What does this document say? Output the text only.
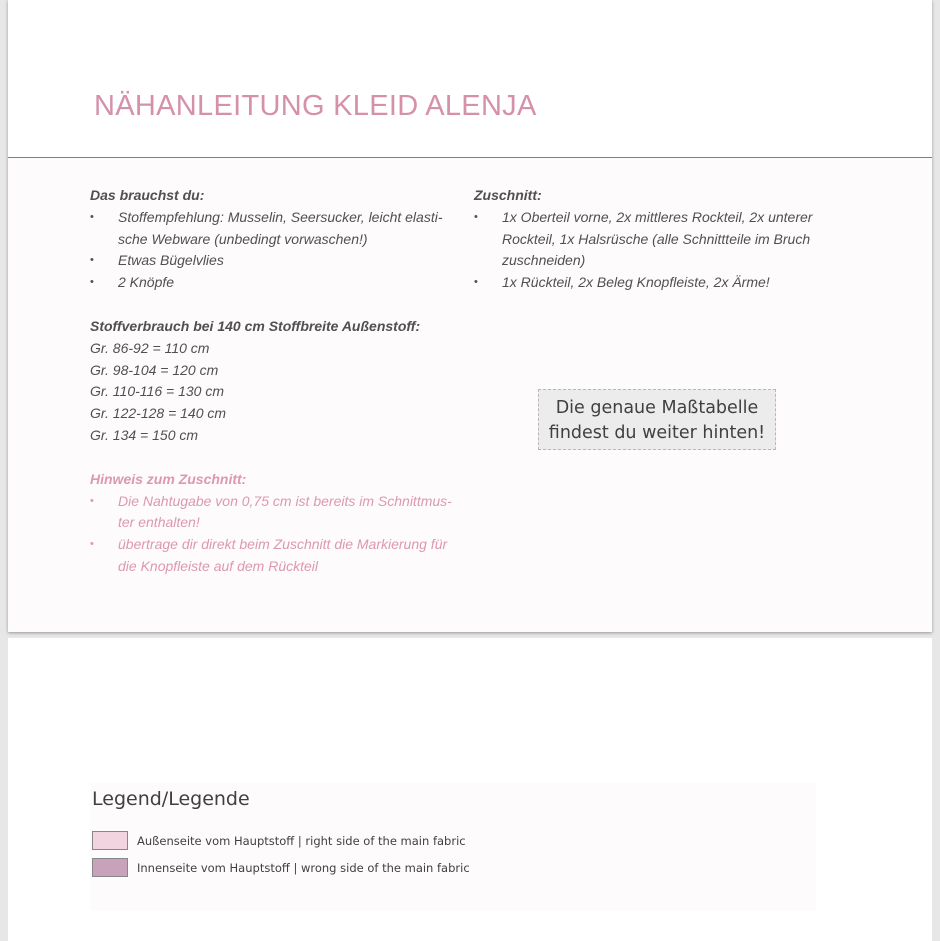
NÄHANLEITUNG KLEID ALENJA

Das brauchst du:

• Stoffempfehlung: Musselin, Seersucker, leicht elasti-sche Webware (unbedingt vorwaschen!)
• Etwas Bügelvlies
• 2 Knöpfe

Stoffverbrauch bei 140 cm Stoffbreite Außenstoff:

Gr. 86-92 = 110 cm

Gr. 98-104 = 120 cm

Gr. 110-116 = 130 cm

Gr. 122-128 = 140 cm

Gr. 134 = 150 cm

Hinweis zum Zuschnitt:

• Die Nahtugabe von 0,75 cm ist bereits im Schnittmus-ter enthalten!
• übertrage dir direkt beim Zuschnitt die Markierung für die Knopfleiste auf dem Rückteil

Zuschnitt:

• 1x Oberteil vorne, 2x mittleres Rockteil, 2x unterer Rockteil, 1x Halsrüsche (alle Schnittteile im Bruch zuschneiden)
• 1x Rückteil, 2x Beleg Knopfleiste, 2x Ärme!
Die genaue Maßtabelle
findest du weiter hinten!
Legend/Legende
Außenseite vom Hauptstoff | right side of the main fabric
Innenseite vom Hauptstoff | wrong side of the main fabric
